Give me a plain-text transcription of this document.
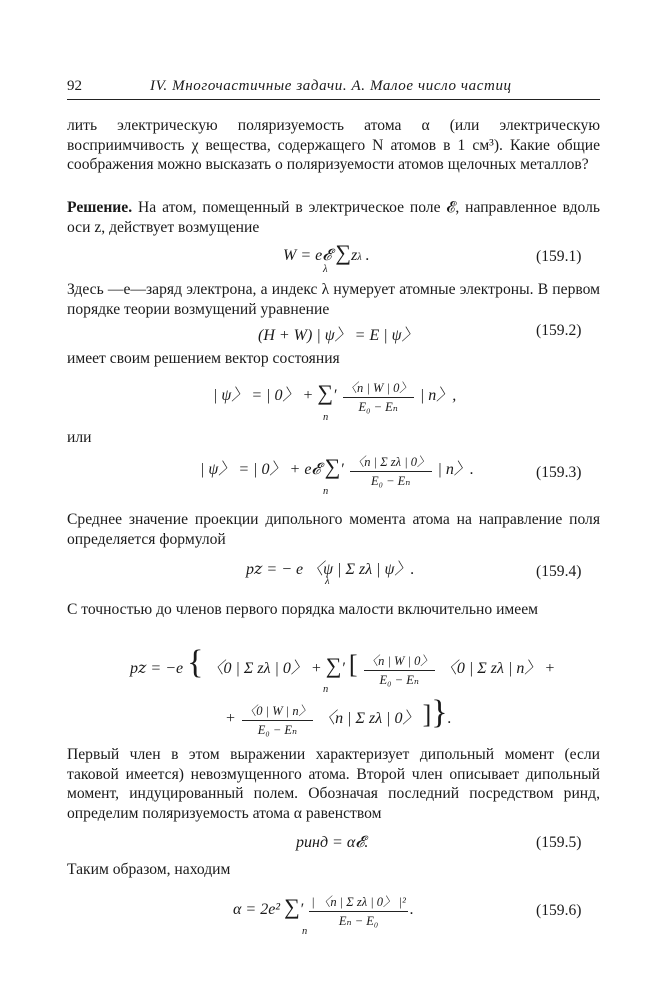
92	IV. Многочастичные задачи. А. Малое число частиц

лить электрическую поляризуемость атома α (или электрическую восприимчивость χ вещества, содержащего N атомов в 1 см³). Какие общие соображения можно высказать о поляризуемости атомов щелочных металлов?

Решение. На атом, помещенный в электрическое поле 𝓔, направленное вдоль оси z, действует возмущение

W = e𝓔 ∑zλ .
λ
(159.1)

Здесь —e—заряд электрона, а индекс λ нумерует атомные электроны. В первом порядке теории возмущений уравнение

(H + W) | ψ〉 = E | ψ〉	(159.2)

имеет своим решением вектор состояния

| ψ〉 = | 0〉 + ∑′ $\frac{〈n | W | 0〉}{\text{E₀ − Eₙ}}$ | n〉,
n

или

| ψ〉 = | 0〉 + e𝓔 ∑′ $\frac{\text{〈n | Σ zλ | 0〉}}{\text{E₀ − Eₙ}}$ | n〉.
n
(159.3)

Среднее значение проекции дипольного момента атома на направление поля определяется формулой

p𝑧 = − e 〈ψ | Σ zλ | ψ〉.
λ
(159.4)

С точностью до членов первого порядка малости включительно имеем

p𝑧 = −e { 〈0 | Σ zλ | 0〉 + ∑′ [ $\frac{〈n | W | 0〉}{\text{E₀ − Eₙ}}$ 〈0 | Σ zλ | n〉 +
n
+ $\frac{〈0 | W | n〉}{\text{E₀ − Eₙ}}$ 〈n | Σ zλ | 0〉 ]}.

Первый член в этом выражении характеризует дипольный момент (если таковой имеется) невозмущенного атома. Второй член описывает дипольный момент, индуцированный полем. Обозначая последний посредством pинд, определим поляризуемость атома α равенством

pинд = α𝓔.	(159.5)

Таким образом, находим

α = 2e² ∑′ $\frac{\text{| 〈n | Σ zλ | 0〉 |²}}{\text{Eₙ − E₀}}$ .
n
(159.6)
